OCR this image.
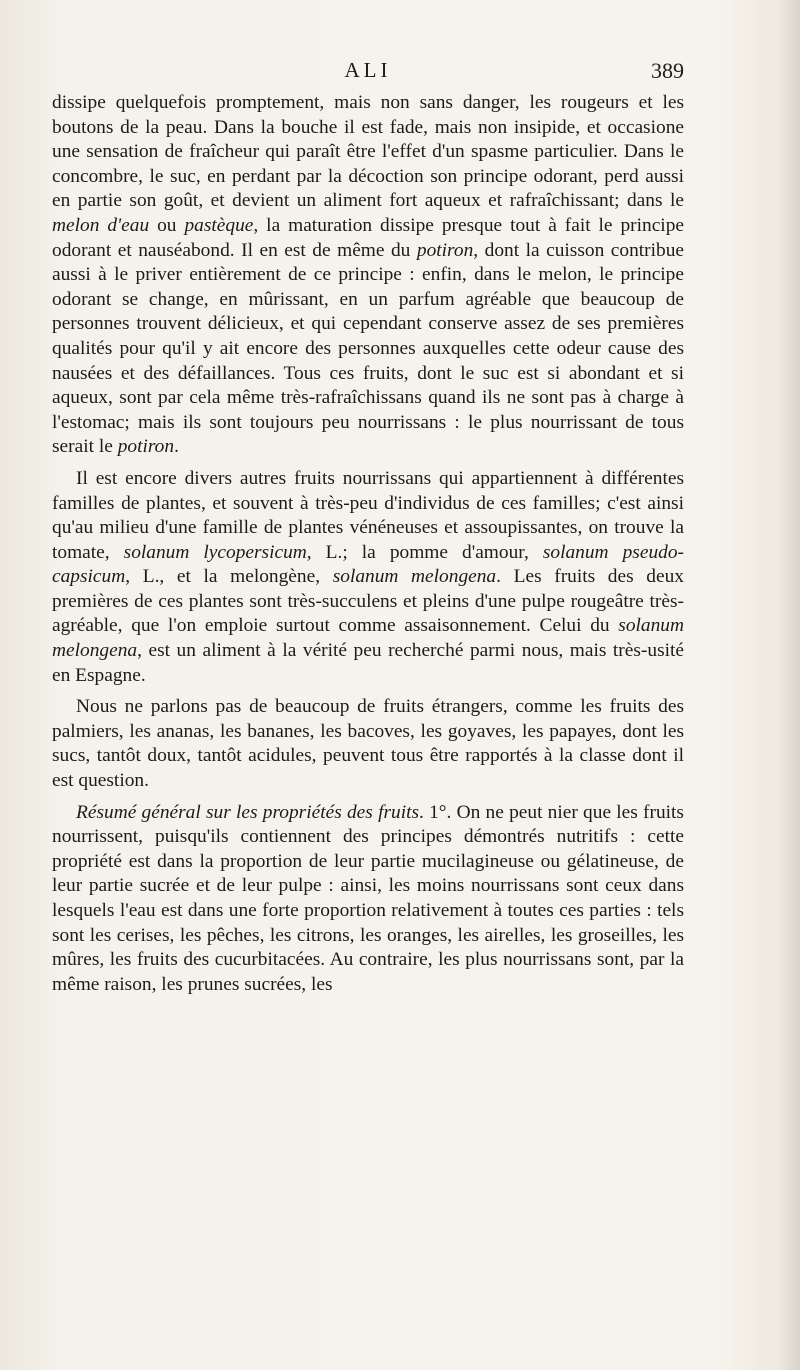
ALI	389

dissipe quelquefois promptement, mais non sans danger, les rougeurs et les boutons de la peau. Dans la bouche il est fade, mais non insipide, et occasione une sensation de fraîcheur qui paraît être l'effet d'un spasme particulier. Dans le concombre, le suc, en perdant par la décoction son principe odorant, perd aussi en partie son goût, et devient un aliment fort aqueux et rafraîchissant; dans le melon d'eau ou pastèque, la maturation dissipe presque tout à fait le principe odorant et nauséabond. Il en est de même du potiron, dont la cuisson contribue aussi à le priver entièrement de ce principe : enfin, dans le melon, le principe odorant se change, en mûrissant, en un parfum agréable que beaucoup de personnes trouvent délicieux, et qui cependant conserve assez de ses premières qualités pour qu'il y ait encore des personnes auxquelles cette odeur cause des nausées et des défaillances. Tous ces fruits, dont le suc est si abondant et si aqueux, sont par cela même très-rafraîchissans quand ils ne sont pas à charge à l'estomac; mais ils sont toujours peu nourrissans : le plus nourrissant de tous serait le potiron.

Il est encore divers autres fruits nourrissans qui appartiennent à différentes familles de plantes, et souvent à très-peu d'individus de ces familles; c'est ainsi qu'au milieu d'une famille de plantes vénéneuses et assoupissantes, on trouve la tomate, solanum lycopersicum, L.; la pomme d'amour, solanum pseudo-capsicum, L., et la melongène, solanum melongena. Les fruits des deux premières de ces plantes sont très-succulens et pleins d'une pulpe rougeâtre très-agréable, que l'on emploie surtout comme assaisonnement. Celui du solanum melongena, est un aliment à la vérité peu recherché parmi nous, mais très-usité en Espagne.

Nous ne parlons pas de beaucoup de fruits étrangers, comme les fruits des palmiers, les ananas, les bananes, les bacoves, les goyaves, les papayes, dont les sucs, tantôt doux, tantôt acidules, peuvent tous être rapportés à la classe dont il est question.

Résumé général sur les propriétés des fruits. 1°. On ne peut nier que les fruits nourrissent, puisqu'ils contiennent des principes démontrés nutritifs : cette propriété est dans la proportion de leur partie mucilagineuse ou gélatineuse, de leur partie sucrée et de leur pulpe : ainsi, les moins nourrissans sont ceux dans lesquels l'eau est dans une forte proportion relativement à toutes ces parties : tels sont les cerises, les pêches, les citrons, les oranges, les airelles, les groseilles, les mûres, les fruits des cucurbitacées. Au contraire, les plus nourrissans sont, par la même raison, les prunes sucrées, les
